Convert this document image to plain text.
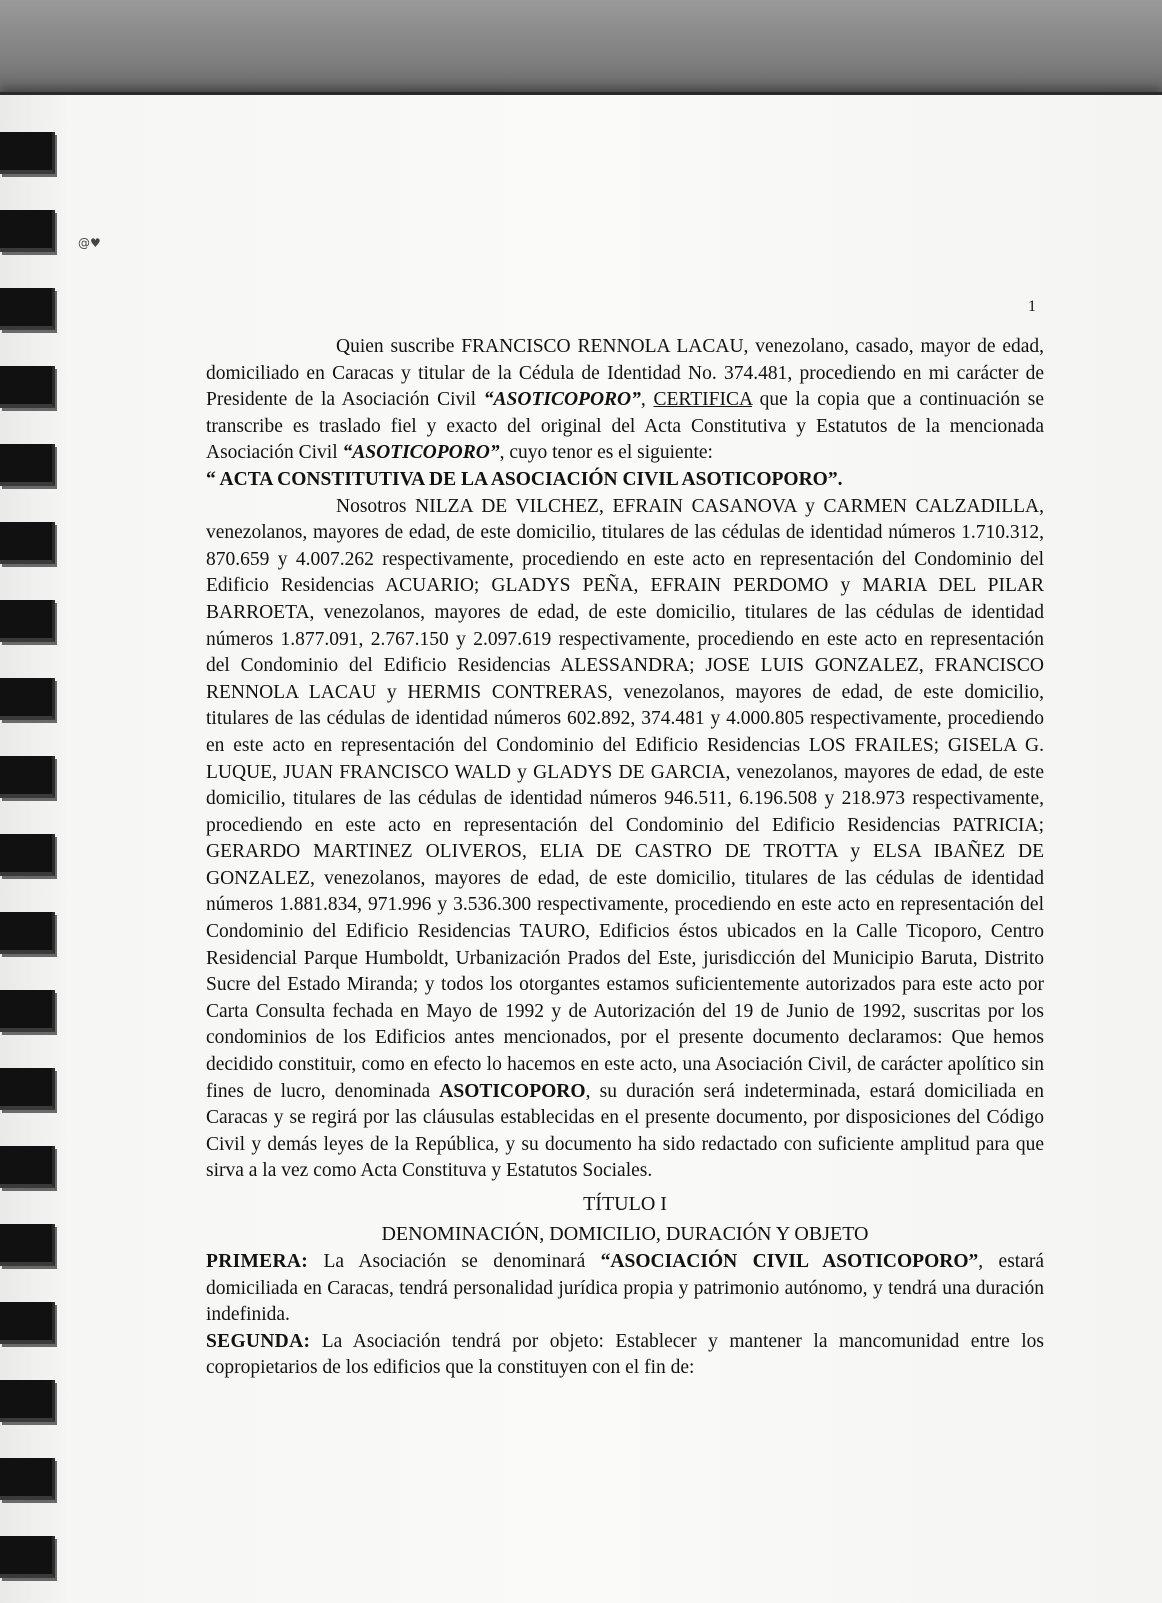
@♥
1

Quien suscribe FRANCISCO RENNOLA LACAU, venezolano, casado, mayor de edad, domiciliado en Caracas y titular de la Cédula de Identidad No. 374.481, procediendo en mi carácter de Presidente de la Asociación Civil “ASOTICOPORO”, CERTIFICA que la copia que a continuación se transcribe es traslado fiel y exacto del original del Acta Constitutiva y Estatutos de la mencionada Asociación Civil “ASOTICOPORO”, cuyo tenor es el siguiente:

“ ACTA CONSTITUTIVA DE LA ASOCIACIÓN CIVIL ASOTICOPORO”.

Nosotros NILZA DE VILCHEZ, EFRAIN CASANOVA y CARMEN CALZADILLA, venezolanos, mayores de edad, de este domicilio, titulares de las cédulas de identidad números 1.710.312, 870.659 y 4.007.262 respectivamente, procediendo en este acto en representación del Condominio del Edificio Residencias ACUARIO; GLADYS PEÑA, EFRAIN PERDOMO y MARIA DEL PILAR BARROETA, venezolanos, mayores de edad, de este domicilio, titulares de las cédulas de identidad números 1.877.091, 2.767.150 y 2.097.619 respectivamente, procediendo en este acto en representación del Condominio del Edificio Residencias ALESSANDRA; JOSE LUIS GONZALEZ, FRANCISCO RENNOLA LACAU y HERMIS CONTRERAS, venezolanos, mayores de edad, de este domicilio, titulares de las cédulas de identidad números 602.892, 374.481 y 4.000.805 respectivamente, procediendo en este acto en representación del Condominio del Edificio Residencias LOS FRAILES; GISELA G. LUQUE, JUAN FRANCISCO WALD y GLADYS DE GARCIA, venezolanos, mayores de edad, de este domicilio, titulares de las cédulas de identidad números 946.511, 6.196.508 y 218.973 respectivamente, procediendo en este acto en representación del Condominio del Edificio Residencias PATRICIA; GERARDO MARTINEZ OLIVEROS, ELIA DE CASTRO DE TROTTA y ELSA IBAÑEZ DE GONZALEZ, venezolanos, mayores de edad, de este domicilio, titulares de las cédulas de identidad números 1.881.834, 971.996 y 3.536.300 respectivamente, procediendo en este acto en representación del Condominio del Edificio Residencias TAURO, Edificios éstos ubicados en la Calle Ticoporo, Centro Residencial Parque Humboldt, Urbanización Prados del Este, jurisdicción del Municipio Baruta, Distrito Sucre del Estado Miranda; y todos los otorgantes estamos suficientemente autorizados para este acto por Carta Consulta fechada en Mayo de 1992 y de Autorización del 19 de Junio de 1992, suscritas por los condominios de los Edificios antes mencionados, por el presente documento declaramos: Que hemos decidido constituir, como en efecto lo hacemos en este acto, una Asociación Civil, de carácter apolítico sin fines de lucro, denominada ASOTICOPORO, su duración será indeterminada, estará domiciliada en Caracas y se regirá por las cláusulas establecidas en el presente documento, por disposiciones del Código Civil y demás leyes de la República, y su documento ha sido redactado con suficiente amplitud para que sirva a la vez como Acta Constituva y Estatutos Sociales.

TÍTULO I
DENOMINACIÓN, DOMICILIO, DURACIÓN Y OBJETO

PRIMERA: La Asociación se denominará “ASOCIACIÓN CIVIL ASOTICOPORO”, estará domiciliada en Caracas, tendrá personalidad jurídica propia y patrimonio autónomo, y tendrá una duración indefinida.

SEGUNDA: La Asociación tendrá por objeto: Establecer y mantener la mancomunidad entre los copropietarios de los edificios que la constituyen con el fin de:
